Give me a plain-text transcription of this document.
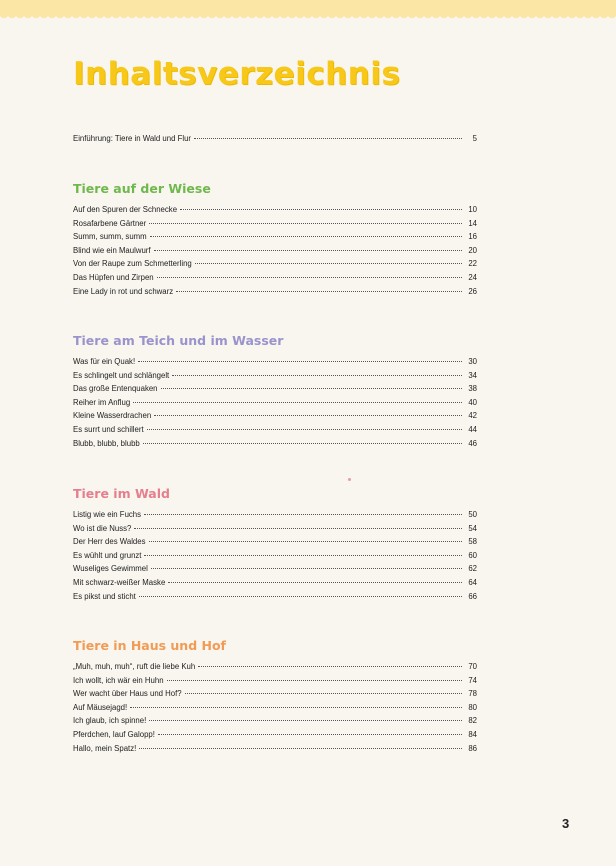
Inhaltsverzeichnis
Einführung: Tiere in Wald und Flur	5
Tiere auf der Wiese
Auf den Spuren der Schnecke	10
Rosafarbene Gärtner	14
Summ, summ, summ	16
Blind wie ein Maulwurf	20
Von der Raupe zum Schmetterling	22
Das Hüpfen und Zirpen	24
Eine Lady in rot und schwarz	26
Tiere am Teich und im Wasser
Was für ein Quak!	30
Es schlingelt und schlängelt	34
Das große Entenquaken	38
Reiher im Anflug	40
Kleine Wasserdrachen	42
Es surrt und schillert	44
Blubb, blubb, blubb	46
Tiere im Wald
Listig wie ein Fuchs	50
Wo ist die Nuss?	54
Der Herr des Waldes	58
Es wühlt und grunzt	60
Wuseliges Gewimmel	62
Mit schwarz-weißer Maske	64
Es pikst und sticht	66
Tiere in Haus und Hof
„Muh, muh, muh“, ruft die liebe Kuh	70
Ich wollt, ich wär ein Huhn	74
Wer wacht über Haus und Hof?	78
Auf Mäusejagd!	80
Ich glaub, ich spinne!	82
Pferdchen, lauf Galopp!	84
Hallo, mein Spatz!	86
3
